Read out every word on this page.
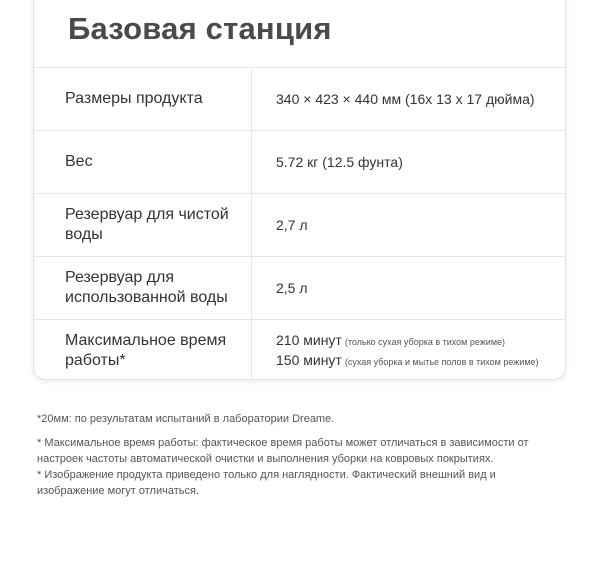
Базовая станция
Размеры продукта	340 × 423 × 440 мм (16x 13 x 17 дюйма)
Вес	5.72 кг (12.5 фунта)
Резервуар для чистой воды
2,7 л
Резервуар для использованной воды
2,5 л
Максимальное время работы*
210 минут (только сухая уборка в тихом режиме)
150 минут (сухая уборка и мытье полов в тихом режиме)

*20мм: по результатам испытаний в лаборатории Dreame.

* Максимальное время работы: фактическое время работы может отличаться в зависимости от настроек частоты автоматической очистки и выполнения уборки на ковровых покрытиях.

* Изображение продукта приведено только для наглядности. Фактический внешний вид и изображение могут отличаться.
